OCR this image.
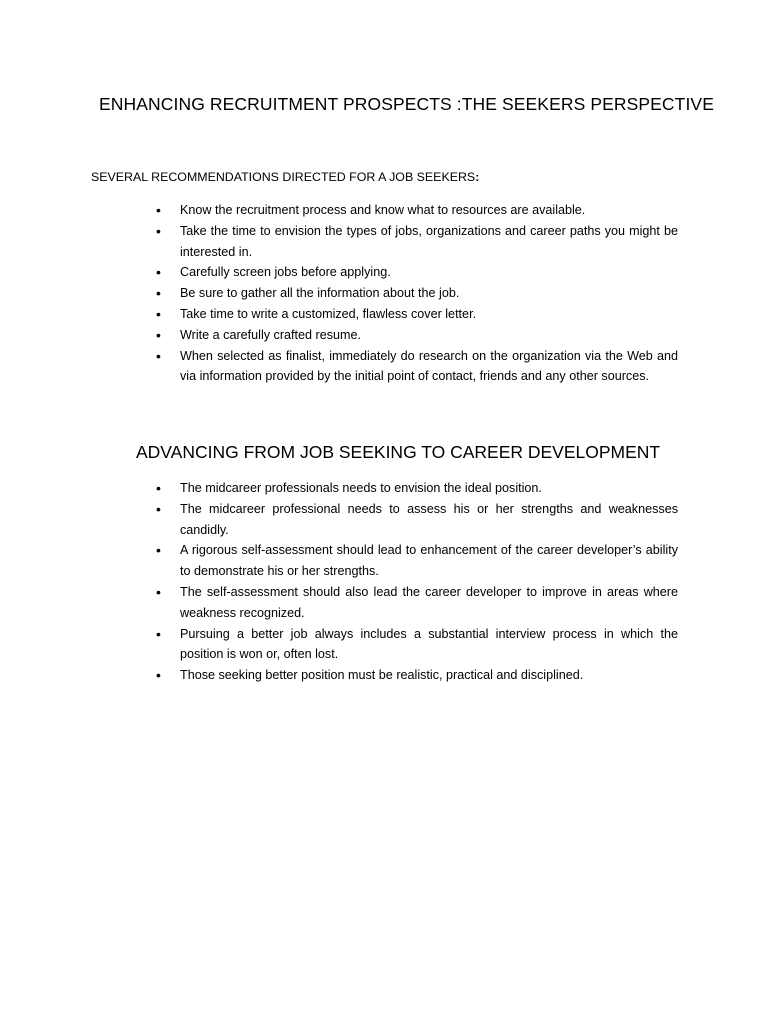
ENHANCING RECRUITMENT PROSPECTS :THE SEEKERS PERSPECTIVE

SEVERAL RECOMMENDATIONS DIRECTED FOR A JOB SEEKERS:

• Know the recruitment process and know what to resources are available.
• Take the time to envision the types of jobs, organizations and career paths you might be interested in.
• Carefully screen jobs before applying.
• Be sure to gather all the information about the job.
• Take time to write a customized, flawless cover letter.
• Write a carefully crafted resume.
• When selected as finalist, immediately do research on the organization via the Web and via information provided by the initial point of contact, friends and any other sources.
ADVANCING FROM JOB SEEKING TO CAREER DEVELOPMENT
• The midcareer professionals needs to envision the ideal position.
• The midcareer professional needs to assess his or her strengths and weaknesses candidly.
• A rigorous self-assessment should lead to enhancement of the career developer’s ability to demonstrate his or her strengths.
• The self-assessment should also lead the career developer to improve in areas where weakness recognized.
• Pursuing a better job always includes a substantial interview process in which the position is won or, often lost.
• Those seeking better position must be realistic, practical and disciplined.
